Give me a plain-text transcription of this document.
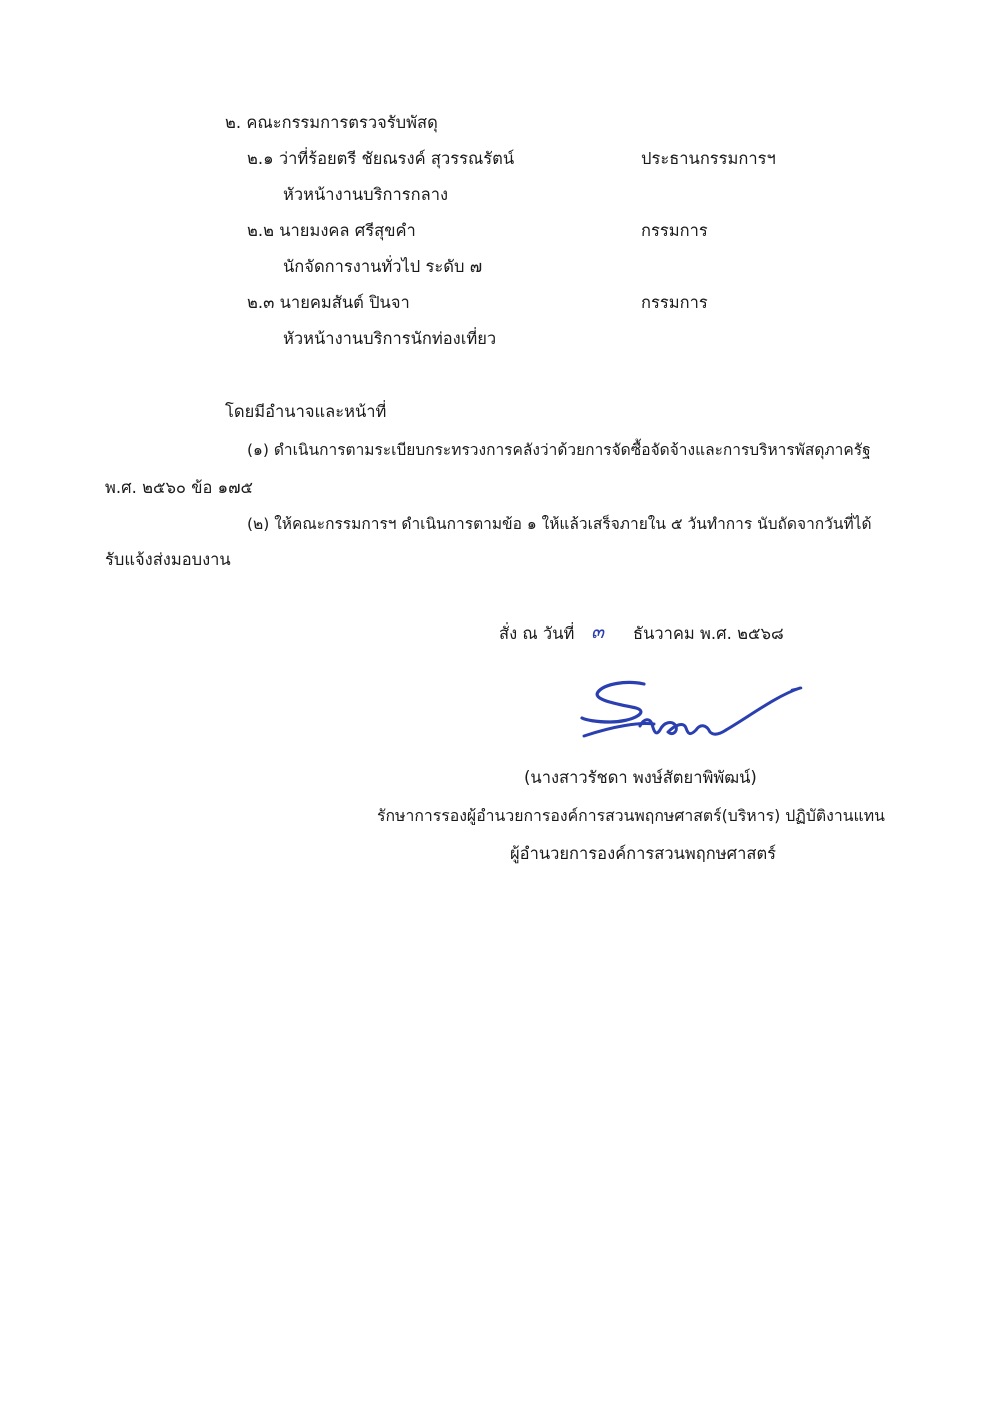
๒. คณะกรรมการตรวจรับพัสดุ
๒.๑ ว่าที่ร้อยตรี ชัยณรงค์ สุวรรณรัตน์	ประธานกรรมการฯ
หัวหน้างานบริการกลาง
๒.๒ นายมงคล ศรีสุขคำ	กรรมการ
นักจัดการงานทั่วไป ระดับ ๗
๒.๓ นายคมสันต์ ปินจา	กรรมการ
หัวหน้างานบริการนักท่องเที่ยว
โดยมีอำนาจและหน้าที่
(๑) ดำเนินการตามระเบียบกระทรวงการคลังว่าด้วยการจัดซื้อจัดจ้างและการบริหารพัสดุภาครัฐ
พ.ศ. ๒๕๖๐ ข้อ ๑๗๕
(๒) ให้คณะกรรมการฯ ดำเนินการตามข้อ ๑ ให้แล้วเสร็จภายใน ๕ วันทำการ นับถัดจากวันที่ได้
รับแจ้งส่งมอบงาน
สั่ง ณ วันที่ ๓ ธันวาคม พ.ศ. ๒๕๖๘
(นางสาวรัชดา พงษ์สัตยาพิพัฒน์)
รักษาการรองผู้อำนวยการองค์การสวนพฤกษศาสตร์(บริหาร) ปฏิบัติงานแทน
ผู้อำนวยการองค์การสวนพฤกษศาสตร์
